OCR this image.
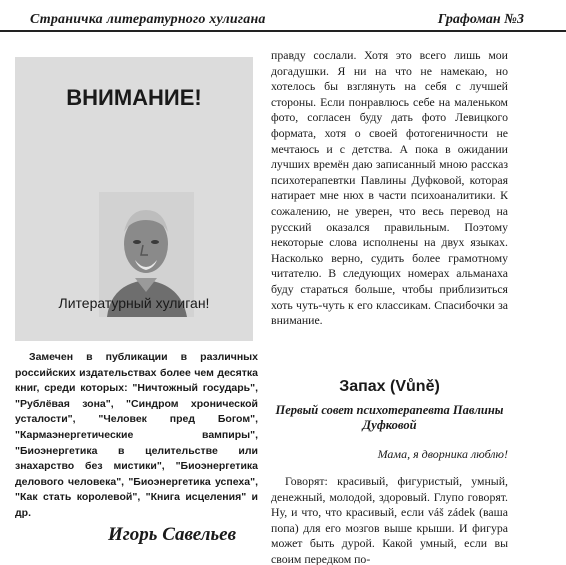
Страничка литературного хулигана	Графоман №3
ВНИМАНИЕ!
Литературный хулиган!
Замечен в публикации в различных российских издательствах более чем десятка книг, среди которых: "Ничтожный государь", "Рублёвая зона", "Синдром хронической усталости", "Человек пред Богом", "Кармаэнергетические вампиры", "Биоэнергетика в целительстве или знахарство без мистики", "Биоэнергетика делового человека", "Биоэнергетика успеха", "Как стать королевой", "Книга исцеления" и др.
Игорь Савельев
правду сослали. Хотя это всего лишь мои догадушки. Я ни на что не намекаю, но хотелось бы взглянуть на себя с лучшей стороны. Если понравлюсь себе на маленьком фото, согласен буду дать фото Левицкого формата, хотя о своей фотогеничности не мечтаюсь и с детства. А пока в ожидании лучших времён даю записанный мною рассказ психотерапевтки Павлины Дуфковой, которая натирает мне нюх в части психоаналитики. К сожалению, не уверен, что весь перевод на русский оказался правильным. Поэтому некоторые слова исполнены на двух языках. Насколько верно, судить более грамотному читателю. В следующих номерах альманаха буду стараться больше, чтобы приблизиться хоть чуть-чуть к его классикам. Спасибочки за внимание.
Запах (Vůně)
Первый совет психотерапевта Павлины Дуфковой
Мама, я дворника люблю!
Говорят: красивый, фигуристый, умный, денежный, молодой, здоровый. Глупо говорят. Ну, и что, что красивый, если váš zádek (ваша попа) для его мозгов выше крыши. И фигура может быть дурой. Какой умный, если вы своим передком по-
